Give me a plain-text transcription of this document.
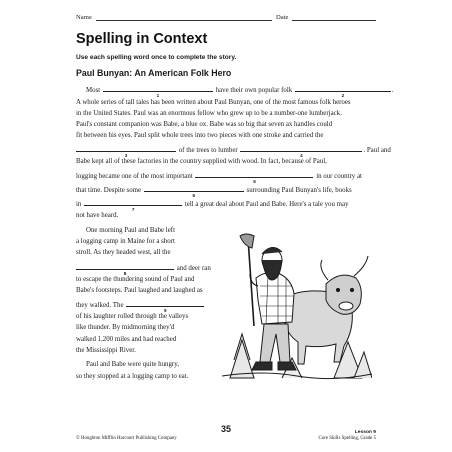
Name	Date
Spelling in Context
Use each spelling word once to complete the story.
Paul Bunyan: An American Folk Hero
Most
1
have their own popular folk
2
.
A whole series of tall tales has been written about Paul Bunyan, one of the most famous folk heroes
in the United States. Paul was an enormous fellow who grew up to be a number-one lumberjack.
Paul's constant companion was Babe, a blue ox. Babe was so big that seven ax handles could
fit between his eyes. Paul split whole trees into two pieces with one stroke and carried the
3
of the trees to lumber
4
. Paul and
Babe kept all of these factories in the country supplied with wood. In fact, because of Paul,
logging became one of the most important
5
in our country at
that time. Despite some
6
surrounding Paul Bunyan's life, books
in
7
tell a great deal about Paul and Babe. Here's a tale you may
not have heard.
One morning Paul and Babe left
a logging camp in Maine for a short
stroll. As they headed west, all the
8
and deer ran
to escape the thundering sound of Paul and
Babe's footsteps. Paul laughed and laughed as
they walked. The
9
of his laughter rolled through the valleys
like thunder. By midmorning they'd
walked 1,200 miles and had reached
the Mississippi River.
Paul and Babe were quite hungry,
so they stopped at a logging camp to eat.
35
© Houghton Mifflin Harcourt Publishing Company
Lesson 9
Core Skills Spelling, Grade 5
